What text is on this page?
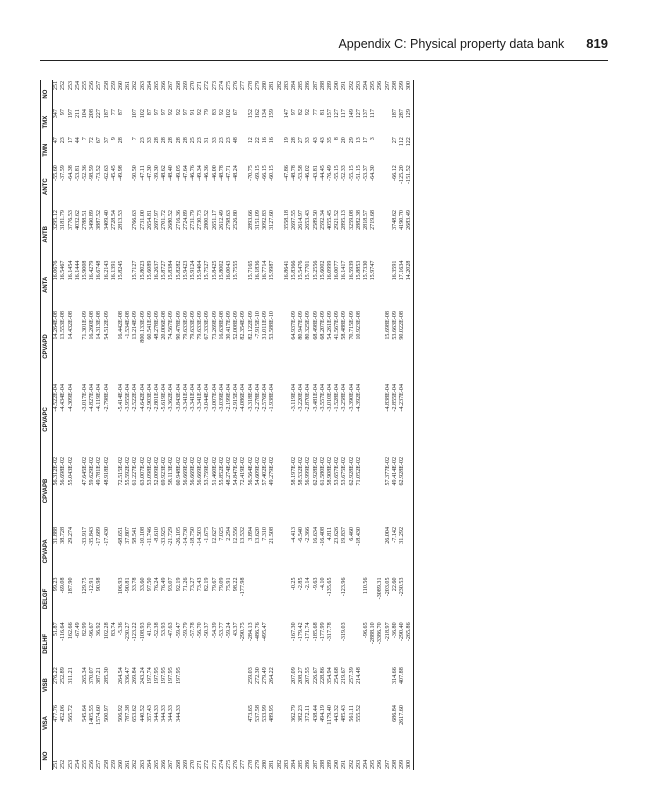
Appendix C: Physical property data bank 819
NO	VISA	VISB	DELHF	DELGF	CPVAPA	CPVAPB	CPVAPC	CPVAPD	ANTA	ANTB	ANTC	TMN	TMX	NO
251	477.76	276.22	51.87	99.23	31.888	56.312E-02	-4.522E-04	14.264E-08	16.0676	3295.12	-55.60	47	347	251
252	452.06	252.89	-116.64	-69.08	38.728	56.698E-02	-4.434E-04	13.553E-08	16.5467	3181.79	-37.59	23	97	252
253	565.72	311.21	162.66	187.90	29.274	55.043E-02	-4.309E-04	14.432E-08	16.1454	3776.53	-64.38	17	197	253
254			-67.49						16.1444	4032.62	-53.81	44	211	254
255	545.64	265.34	82.99	129.75	-33.917	47.645E-02	-3.017E-04	71.301E-09	15.9008	2788.51	-52.36	7	104	255
256	1405.55	370.07	-96.67	-12.91	-35.843	59.629E-02	-4.827E-04	16.260E-08	16.4279	3490.89	-98.59	72	208	256
257	1574.60	387.21	36.92	90.98	-17.689	49.781E-02	-4.119E-04	14.313E-08	16.6748	3887.52	-73.52	67	227	257
258	500.97	285.30	102.28		-17.430	48.918E-02	-2.798E-04	54.512E-09	16.2143	3409.40	-62.63	37	187	258
259			83.74						16.1391	2728.54	-45.45	9	77	259
260	506.92	264.54	-5.36	106.93	-68.651	72.515E-02	-5.414E-04	16.442E-08	15.8245	2813.53	-49.98	28	87	260
261	787.38	336.47	-230.27	-90.81	37.807	55.592E-02	-3.955E-04	-1.534E-08						261
262	653.62	269.84	-123.22	33.78	58.541	61.227E-02	-2.522E-04	13.214E-09	15.7127	2766.63	-50.50	7	107	262
263	440.52	243.24	-108.93	33.60	-10.108	63.007E-02	-4.642E-04	800.133E-09	15.8023	2731.00	-47.11	23	102	263
264	357.43	197.74	41.70	97.50	-11.746	53.098E-02	-2.903E-04	60.541E-09	15.6089	2654.81	-47.30	33	87	264
265	344.33	197.95	-52.38	76.24	-8.610	52.009E-02	-2.801E-04	48.278E-09	16.2637	2697.97	-39.30	28	97	265
266	344.33	197.95	53.93	76.49	-33.925	69.923E-02	-5.619E-04	20.006E-08	15.8727	2701.72	-48.62	28	97	266
267	344.33	197.95	-47.63	93.07	-21.729	58.113E-02	-3.362E-04	74.567E-09	15.8384	2680.52	-48.40	28	92	267
268	344.33	197.95	-59.47	92.19	-26.105	60.948E-02	-3.843E-04	90.478E-09	15.8282	2716.36	-49.05	28	92	268
269			-59.79	71.26	-14.730	56.669E-02	-3.341E-04	79.633E-09	15.9423	2724.89	-47.64	28	97	269
270			-57.78	73.27	-18.750	56.669E-02	-3.341E-04	79.633E-09	15.9124	2731.79	-46.76	25	91	270
271			-56.70	73.43	-14.503	56.669E-02	-3.341E-04	79.633E-09	15.9404	2730.73	-49.34	23	92	271
272			-50.37	82.19	-1.675	53.759E-02	-3.044E-04	67.333E-09	15.7527	2800.52	-46.36	31	79	272
273			-54.39	79.67	12.627	51.460E-02	-3.007E-04	73.269E-09	15.8425	2651.17	-46.00	33	83	273
274			-53.77	79.09	7.025	55.852E-02	-3.039E-04	16.638E-08	15.8002	2612.49	-48.78	23	92	274
275			-59.24	75.91	2.294	48.274E-02	-2.199E-04	30.417E-09	16.0043	2798.63	-47.71	23	102	275
276			43.37	98.22	12.556	54.847E-02	-2.915E-04	52.008E-09	15.7555	2526.80	-48.24	48	67	276
277			-290.75	-177.98	13.532	72.419E-02	-4.086E-04	82.354E-09						277
278	473.65	259.03	-284.13		3.894	56.564E-02	-3.318E-04	82.122E-09	15.7165	2893.66	-70.75	12	152	278
279	537.58	272.30	-486.76		13.620	54.609E-02	-2.278E-04	-7.915E-10	16.1836	3151.09	-69.15	22	162	279
280	533.99	279.49	-495.47		7.310	57.402E-02	-2.576E-04	31.011E-09	16.7714	3092.83	-66.15	16	134	280
281	489.95	264.22			21.508	49.279E-02	-1.938E-04	53.588E-10	15.9987	3127.60	-60.15	16	159	281
282														282
283									16.8641	3558.18	-47.86	19	147	283
284	362.79	207.09	-167.30	-0.25	-4.413	58.197E-02	-3.119E-04	64.937E-09	15.8366	2697.55	-48.78	28	97	284
285	382.23	208.27	-179.42	-2.85	-6.540	58.532E-02	-3.220E-04	80.947E-09	15.5476	2614.97	-53.58	27	82	285
286	372.11	207.55	-171.74	-2.14	-2.366	56.999E-02	-2.870E-04	80.325E-09	15.7701	2653.43	-46.02	33	92	286
287	438.44	226.67	-185.68	-9.63	16.634	62.928E-02	-3.481E-04	68.498E-09	15.2556	2589.50	-43.81	43	77	287
288	494.19	228.86	-177.99	-4.10	-16.408	61.580E-02	-3.557E-04	68.207E-09	15.6002	2592.34	-44.45	43	81	288
289	1179.40	354.94	-317.78	-135.65	4.811	58.908E-02	-3.010E-04	54.261E-09	16.0999	4055.45	-76.49	35	157	289
290	443.32	254.68			23.626	53.657E-02	-1.528E-04	41.567E-09	16.0077	2921.52	-55.15	8	127	290
291	485.43	219.67	-319.03	-123.96	19.837	53.675E-02	-3.258E-04	58.488E-09	16.1417	2895.13	-52.33	20	117	291
292	561.11	257.39			6.460	62.928E-02	-3.390E-04	70.715E-09	16.5939	3259.08	-55.15	29	149	292
293	555.52	214.48			-18.430	71.052E-02	-4.392E-04	10.923E-08	15.8853	2882.38	-51.15	13	127	293
294			-96.65	110.56					15.7330	2818.57	-53.37	17	137	294
295			-2888.10						15.9747	2719.68	-64.30	3	117	295
296			-3386.70	-3089.31										296
297			-218.97	-203.05	26.004	57.377E-02	-4.838E-04	15.698E-08						297
298	686.84	314.66	-36.80	22.60	-7.142	49.414E-02	-2.855E-04	53.663E-09	16.3591	3748.62	-66.12	27	187	298
299	2617.60	407.88	-290.40	-230.53	31.292	62.928E-02	-4.237E-04	90.022E-08	17.1634	4190.70	-125.20	112	287	299
300			-265.86						14.2028	2683.49	-151.52	122	129	300
